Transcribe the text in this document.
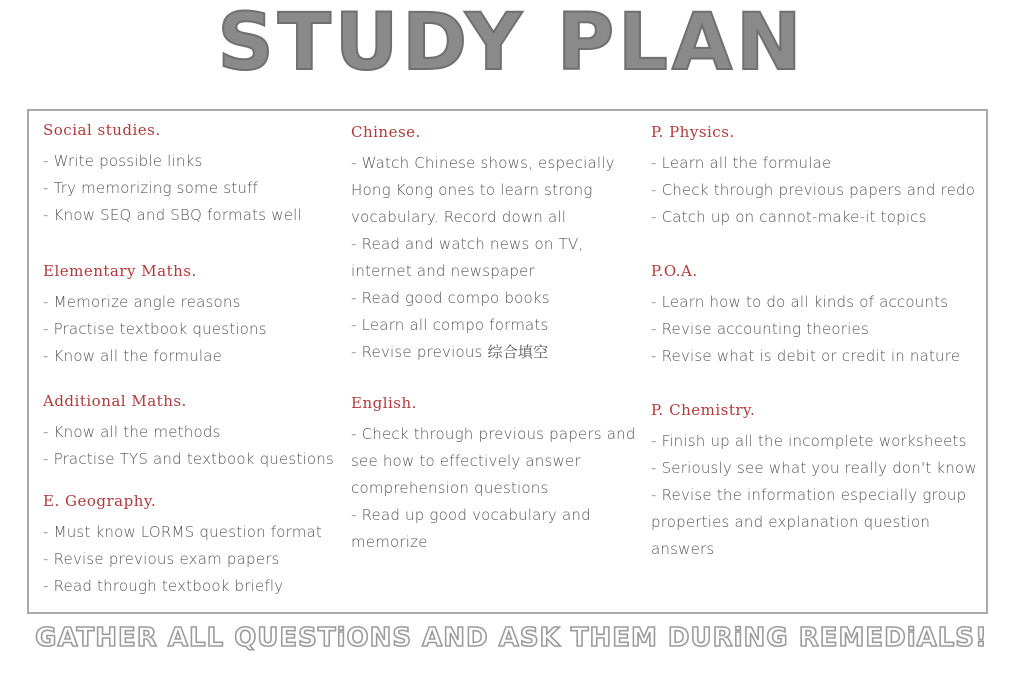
STUDY PLAN
Social studies.
- Write possible links
- Try memorizing some stuff
- Know SEQ and SBQ formats well
Elementary Maths.
- Memorize angle reasons
- Practise textbook questions
- Know all the formulae
Additional Maths.
- Know all the methods
- Practise TYS and textbook questions
E. Geography.
- Must know LORMS question format
- Revise previous exam papers
- Read through textbook briefly
Chinese.
- Watch Chinese shows, especially Hong Kong ones to learn strong vocabulary. Record down all
- Read and watch news on TV, internet and newspaper
- Read good compo books
- Learn all compo formats
- Revise previous 综合填空
English.
- Check through previous papers and see how to effectively answer comprehension questions
- Read up good vocabulary and memorize
P. Physics.
- Learn all the formulae
- Check through previous papers and redo
- Catch up on cannot-make-it topics
P.O.A.
- Learn how to do all kinds of accounts
- Revise accounting theories
- Revise what is debit or credit in nature
P. Chemistry.
- Finish up all the incomplete worksheets
- Seriously see what you really don't know
- Revise the information especially group properties and explanation question answers
GATHER ALL QUESTiONS AND ASK THEM DURiNG REMEDiALS!
